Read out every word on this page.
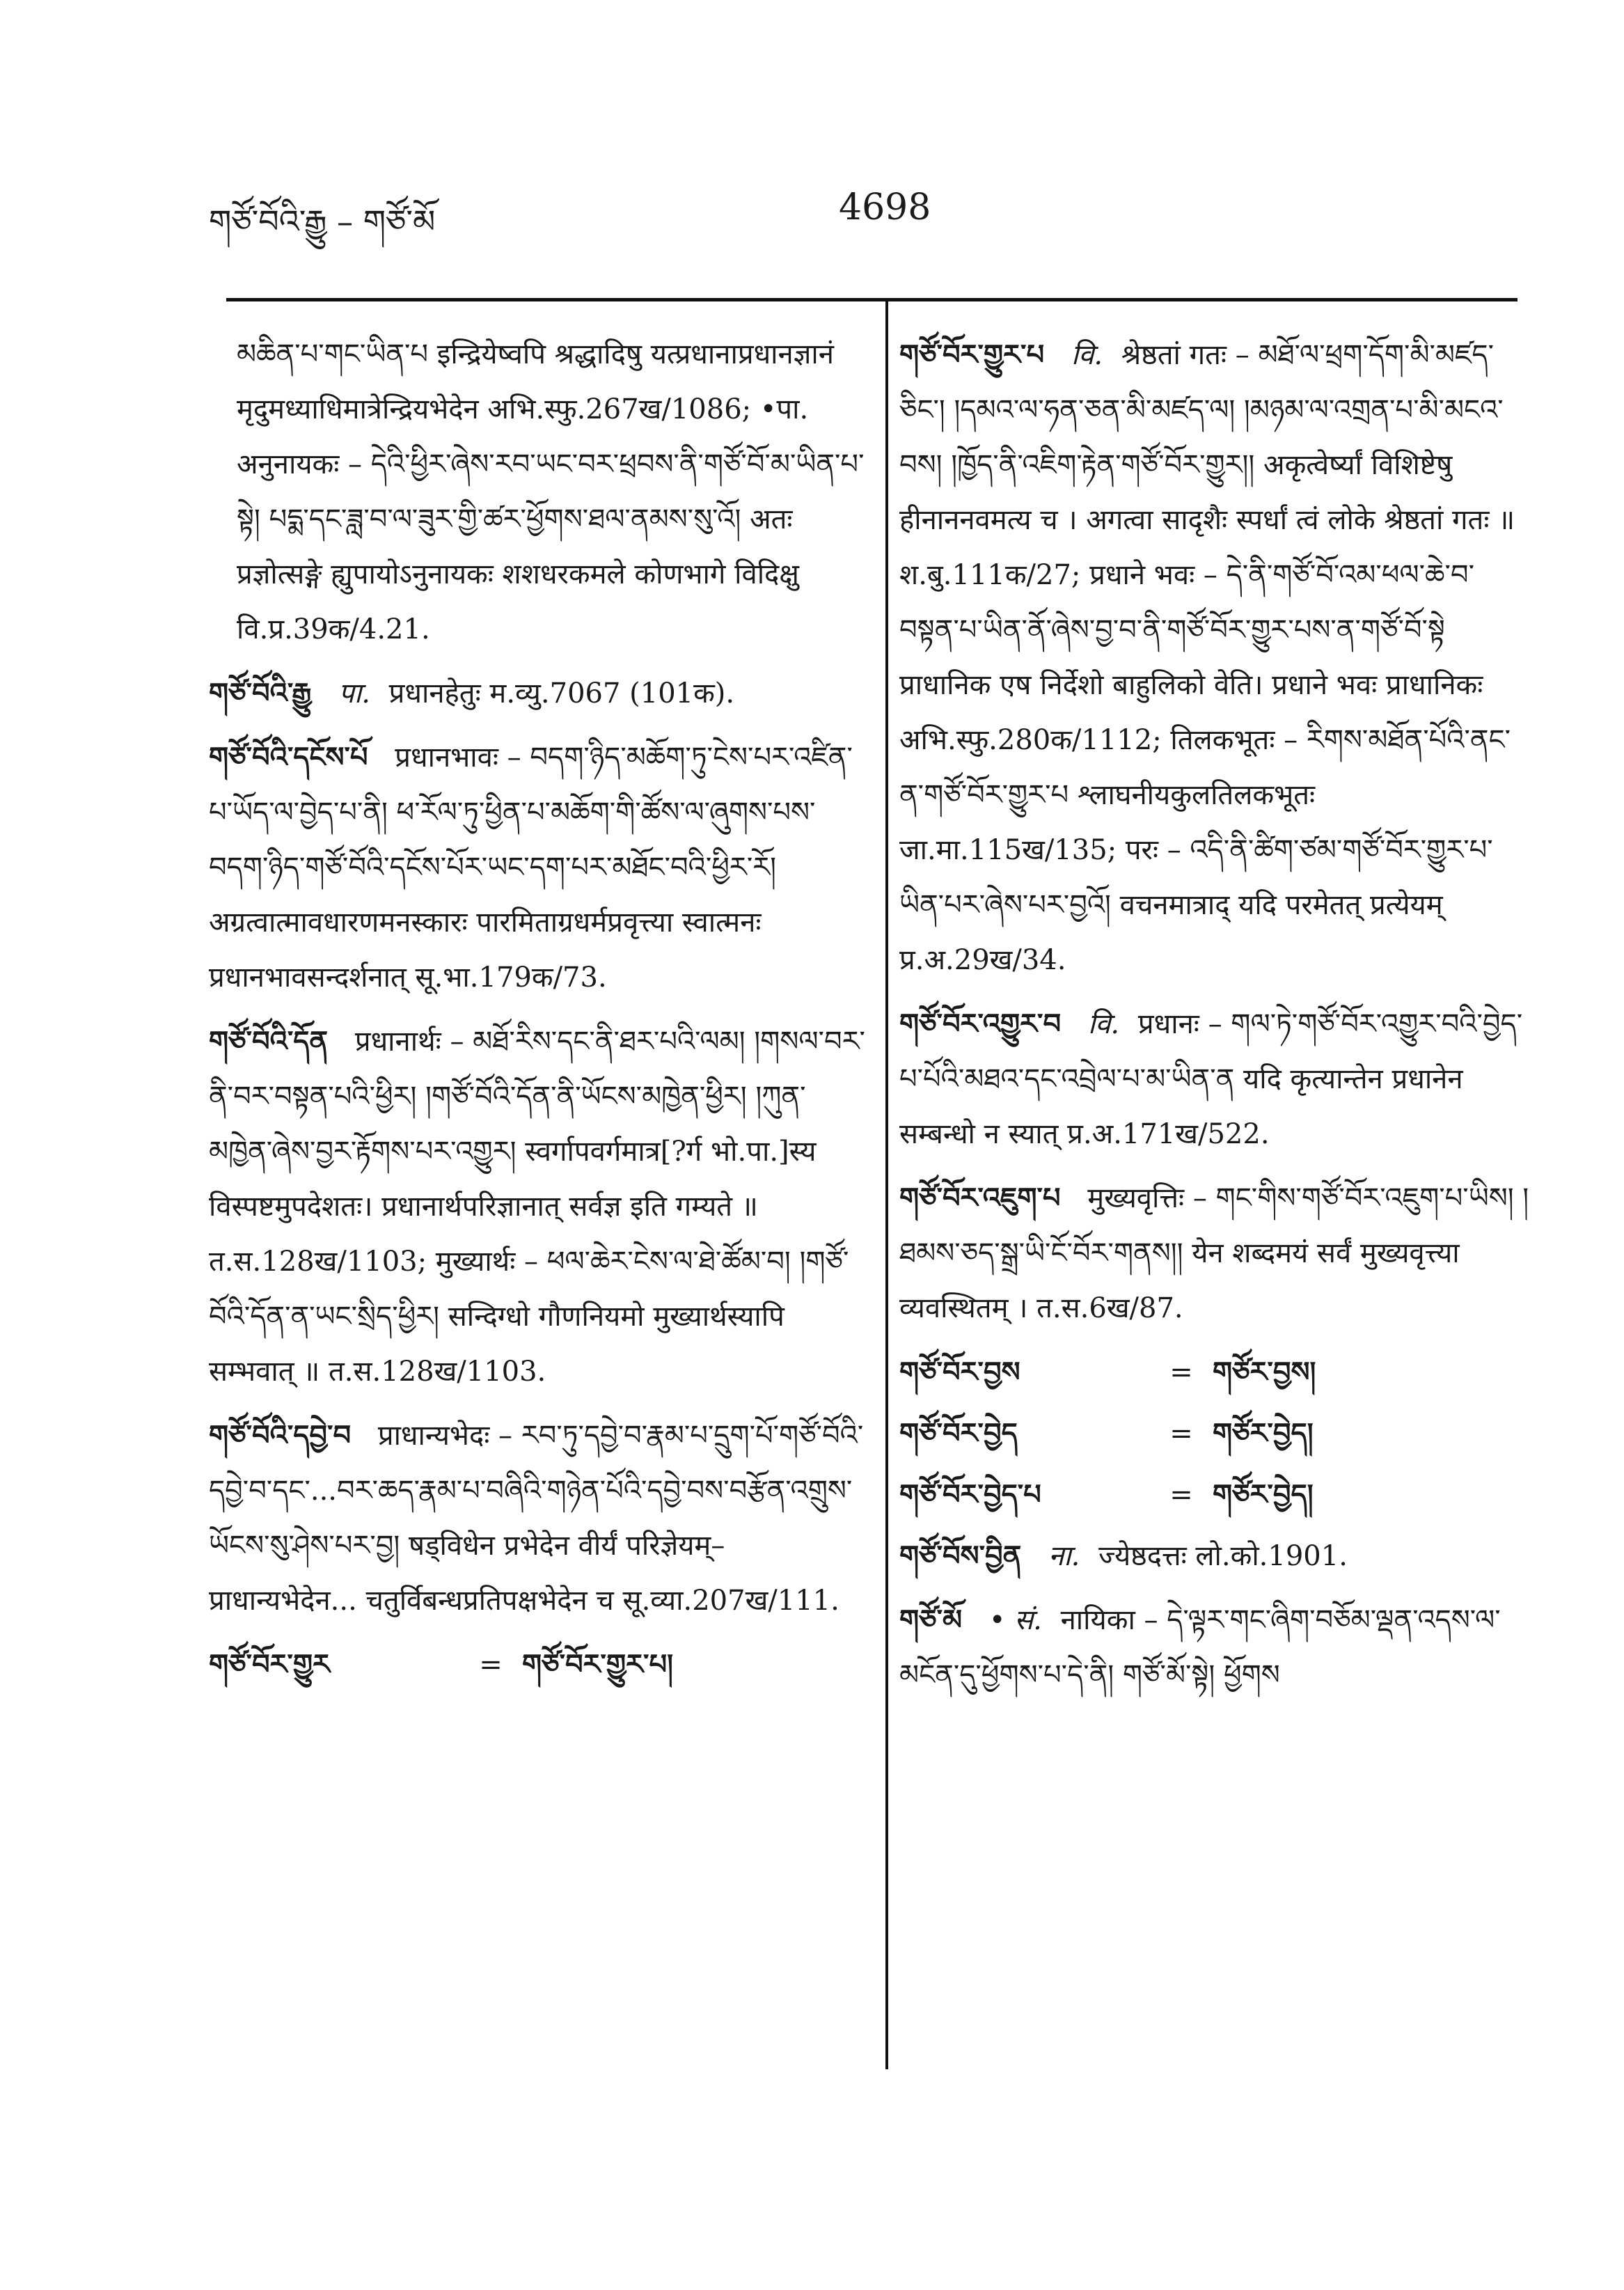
གཙོ་བོའི་རྒྱུ – གཙོ་མོ	4698

མཆིན་པ་གང་ཡིན་པ इन्द्रियेष्वपि श्रद्धादिषु यत्प्रधानाप्रधानज्ञानं मृदुमध्याधिमात्रेन्द्रियभेदेन अभि.स्फु.267ख/1086; •पा. अनुनायकः – དེའི་ཕྱིར་ཞེས་རབ་ཡང་བར་ཕྲབས་ནི་གཙོ་བོ་མ་ཡིན་པ་སྟེ། པདྨ་དང་ཟླ་བ་ལ་ཟུར་གྱི་ཚར་ཕྱོགས་ཐལ་ནམས་སུ་འོ། अतः प्रज्ञोत्सङ्गे ह्युपायोऽनुनायकः शशधरकमले कोणभागे विदिक्षु वि.प्र.39क/4.21.

གཙོ་བོའི་རྒྱུ पा. प्रधानहेतुः म.व्यु.7067 (101क).

གཙོ་བོའི་དངོས་པོ प्रधानभावः – བདག་ཉིད་མཆོག་ཏུ་ངེས་པར་འཛིན་པ་ཡོད་ལ་བྱེད་པ་ནི། ཕ་རོལ་ཏུ་ཕྱིན་པ་མཆོག་གི་ཚོས་ལ་ཞུགས་པས་བདག་ཉིད་གཙོ་བོའི་དངོས་པོར་ཡང་དག་པར་མཐོང་བའི་ཕྱིར་རོ། अग्रत्वात्मावधारणमनस्कारः पारमिताग्रधर्मप्रवृत्त्या स्वात्मनः प्रधानभावसन्दर्शनात् सू.भा.179क/73.

གཙོ་བོའི་དོན प्रधानार्थः – མཐོ་རིས་དང་ནི་ཐར་པའི་ལམ། །གསལ་བར་ནི་བར་བསྟན་པའི་ཕྱིར། །གཙོ་བོའི་དོན་ནི་ཡོངས་མཁྱེན་ཕྱིར། །ཀུན་མཁྱེན་ཞེས་བྱར་རྟོགས་པར་འགྱུར། स्वर्गापवर्गमात्र[?र्ग भो.पा.]स्य विस्पष्टमुपदेशतः। प्रधानार्थपरिज्ञानात् सर्वज्ञ इति गम्यते ॥ त.स.128ख/1103; मुख्यार्थः – ཕལ་ཆེར་ངེས་ལ་ཐེ་ཚོམ་བ། །གཙོ་བོའི་དོན་ན་ཡང་སྲིད་ཕྱིར། सन्दिग्धो गौणनियमो मुख्यार्थस्यापि सम्भवात् ॥ त.स.128ख/1103.

གཙོ་བོའི་དབྱེ་བ प्राधान्यभेदः – རབ་ཏུ་དབྱེ་བ་རྣམ་པ་དྲུག་པོ་གཙོ་བོའི་དབྱེ་བ་དང་...བར་ཆད་རྣམ་པ་བཞིའི་གཉེན་པོའི་དབྱེ་བས་བརྩོན་འགྲུས་ཡོངས་སུ་ཤེས་པར་བྱ། षड्विधेन प्रभेदेन वीर्यं परिज्ञेयम्–प्राधान्यभेदेन... चतुर्विबन्धप्रतिपक्षभेदेन च सू.व्या.207ख/111.

གཙོ་བོར་གྱུར	= གཙོ་བོར་གྱུར་པ།

གཙོ་བོར་གྱུར་པ वि. श्रेष्ठतां गतः – མཐོ་ལ་ཕྲག་དོག་མི་མཛད་ཅིང་། །དམའ་ལ་ཧན་ཅན་མི་མཛད་ལ། །མཉམ་ལ་འགྲན་པ་མི་མངའ་བས། །ཁྱོད་ནི་འཇིག་རྟེན་གཙོ་བོར་གྱུར།། अकृत्वेर्ष्यां विशिष्टेषु हीनाननवमत्य च । अगत्वा सादृशैः स्पर्धां त्वं लोके श्रेष्ठतां गतः ॥ श.बु.111क/27; प्रधाने भवः – དེ་ནི་གཙོ་བོ་འམ་ཕལ་ཆེ་བ་བསྟན་པ་ཡིན་ནོ་ཞེས་བྱ་བ་ནི་གཙོ་བོར་གྱུར་པས་ན་གཙོ་བོ་སྟེ प्राधानिक एष निर्देशो बाहुलिको वेति। प्रधाने भवः प्राधानिकः अभि.स्फु.280क/1112; तिलकभूतः – རིགས་མཐོན་པོའི་ནང་ན་གཙོ་བོར་གྱུར་པ श्लाघनीयकुलतिलकभूतः जा.मा.115ख/135; परः – འདི་ནི་ཚིག་ཙམ་གཙོ་བོར་གྱུར་པ་ཡིན་པར་ཞེས་པར་བྱའོ། वचनमात्राद् यदि परमेतत् प्रत्येयम् प्र.अ.29ख/34.

གཙོ་བོར་འགྱུར་བ वि. प्रधानः – གལ་ཏེ་གཙོ་བོར་འགྱུར་བའི་བྱེད་པ་པོའི་མཐའ་དང་འབྲེལ་པ་མ་ཡིན་ན यदि कृत्यान्तेन प्रधानेन सम्बन्धो न स्यात् प्र.अ.171ख/522.

གཙོ་བོར་འཇུག་པ मुख्यवृत्तिः – གང་གིས་གཙོ་བོར་འཇུག་པ་ཡིས། །ཐམས་ཅད་སྒྲ་ཡི་ངོ་བོར་གནས།། येन शब्दमयं सर्वं मुख्यवृत्त्या व्यवस्थितम् । त.स.6ख/87.

གཙོ་བོར་བྱས	= གཙོར་བྱས།
གཙོ་བོར་བྱེད	= གཙོར་བྱེད།
གཙོ་བོར་བྱེད་པ	= གཙོར་བྱེད།

གཙོ་བོས་བྱིན ना. ज्येष्ठदत्तः लो.को.1901.

གཙོ་མོ • सं. नायिका – དེ་ལྟར་གང་ཞིག་བཅོམ་ལྡན་འདས་ལ་མངོན་དུ་ཕྱོགས་པ་དེ་ནི། གཙོ་མོ་སྟེ། ཕྱོགས
